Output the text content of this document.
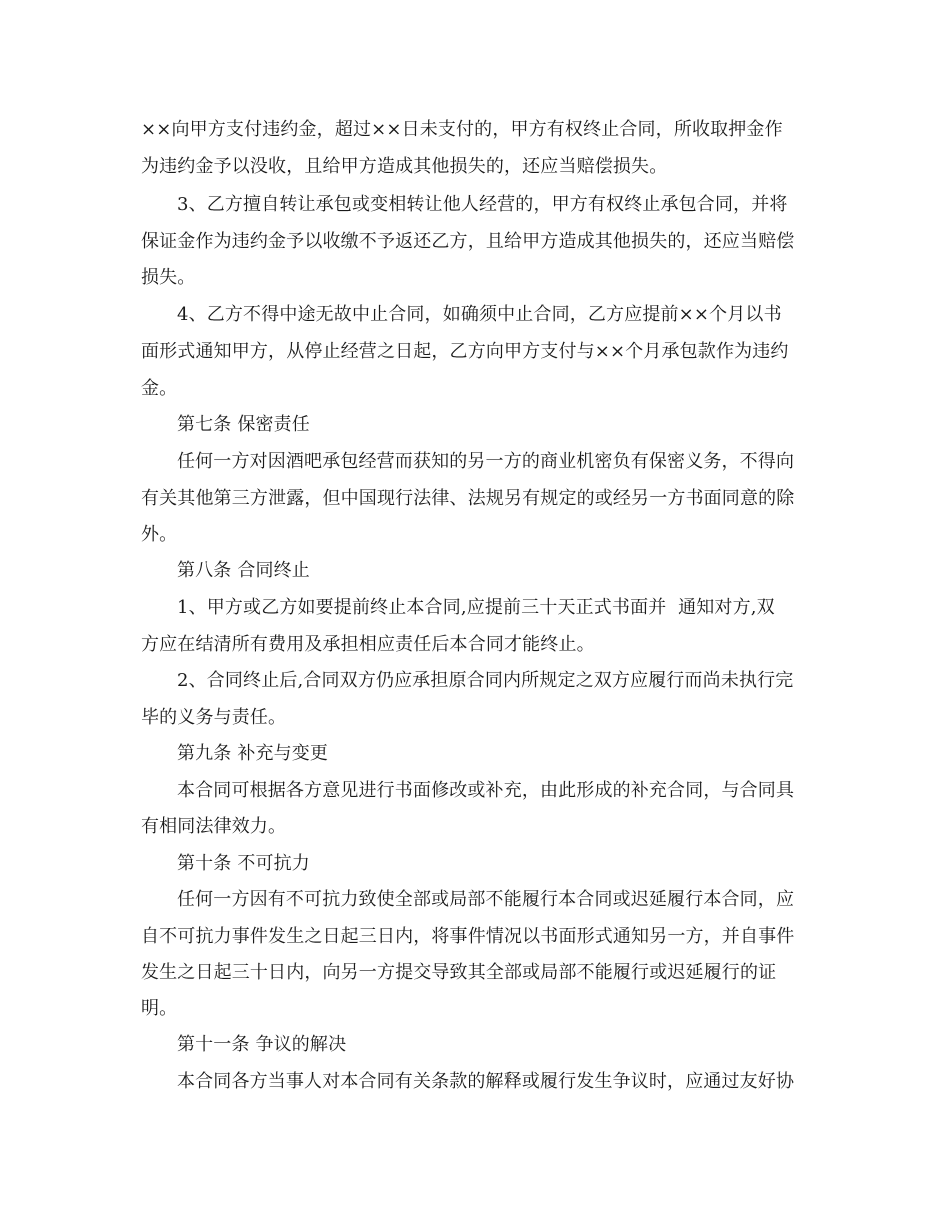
××向甲方支付违约金，超过××日未支付的，甲方有权终止合同，所收取押金作

为违约金予以没收，且给甲方造成其他损失的，还应当赔偿损失。

3、乙方擅自转让承包或变相转让他人经营的，甲方有权终止承包合同，并将

保证金作为违约金予以收缴不予返还乙方，且给甲方造成其他损失的，还应当赔偿

损失。

4、乙方不得中途无故中止合同，如确须中止合同，乙方应提前××个月以书

面形式通知甲方，从停止经营之日起，乙方向甲方支付与××个月承包款作为违约

金。

第七条 保密责任

任何一方对因酒吧承包经营而获知的另一方的商业机密负有保密义务，不得向

有关其他第三方泄露，但中国现行法律、法规另有规定的或经另一方书面同意的除

外。

第八条 合同终止

1、甲方或乙方如要提前终止本合同,应提前三十天正式书面并  通知对方,双

方应在结清所有费用及承担相应责任后本合同才能终止。

2、合同终止后,合同双方仍应承担原合同内所规定之双方应履行而尚未执行完

毕的义务与责任。

第九条 补充与变更

本合同可根据各方意见进行书面修改或补充，由此形成的补充合同，与合同具

有相同法律效力。

第十条 不可抗力

任何一方因有不可抗力致使全部或局部不能履行本合同或迟延履行本合同，应

自不可抗力事件发生之日起三日内，将事件情况以书面形式通知另一方，并自事件

发生之日起三十日内，向另一方提交导致其全部或局部不能履行或迟延履行的证

明。

第十一条 争议的解决

本合同各方当事人对本合同有关条款的解释或履行发生争议时，应通过友好协
